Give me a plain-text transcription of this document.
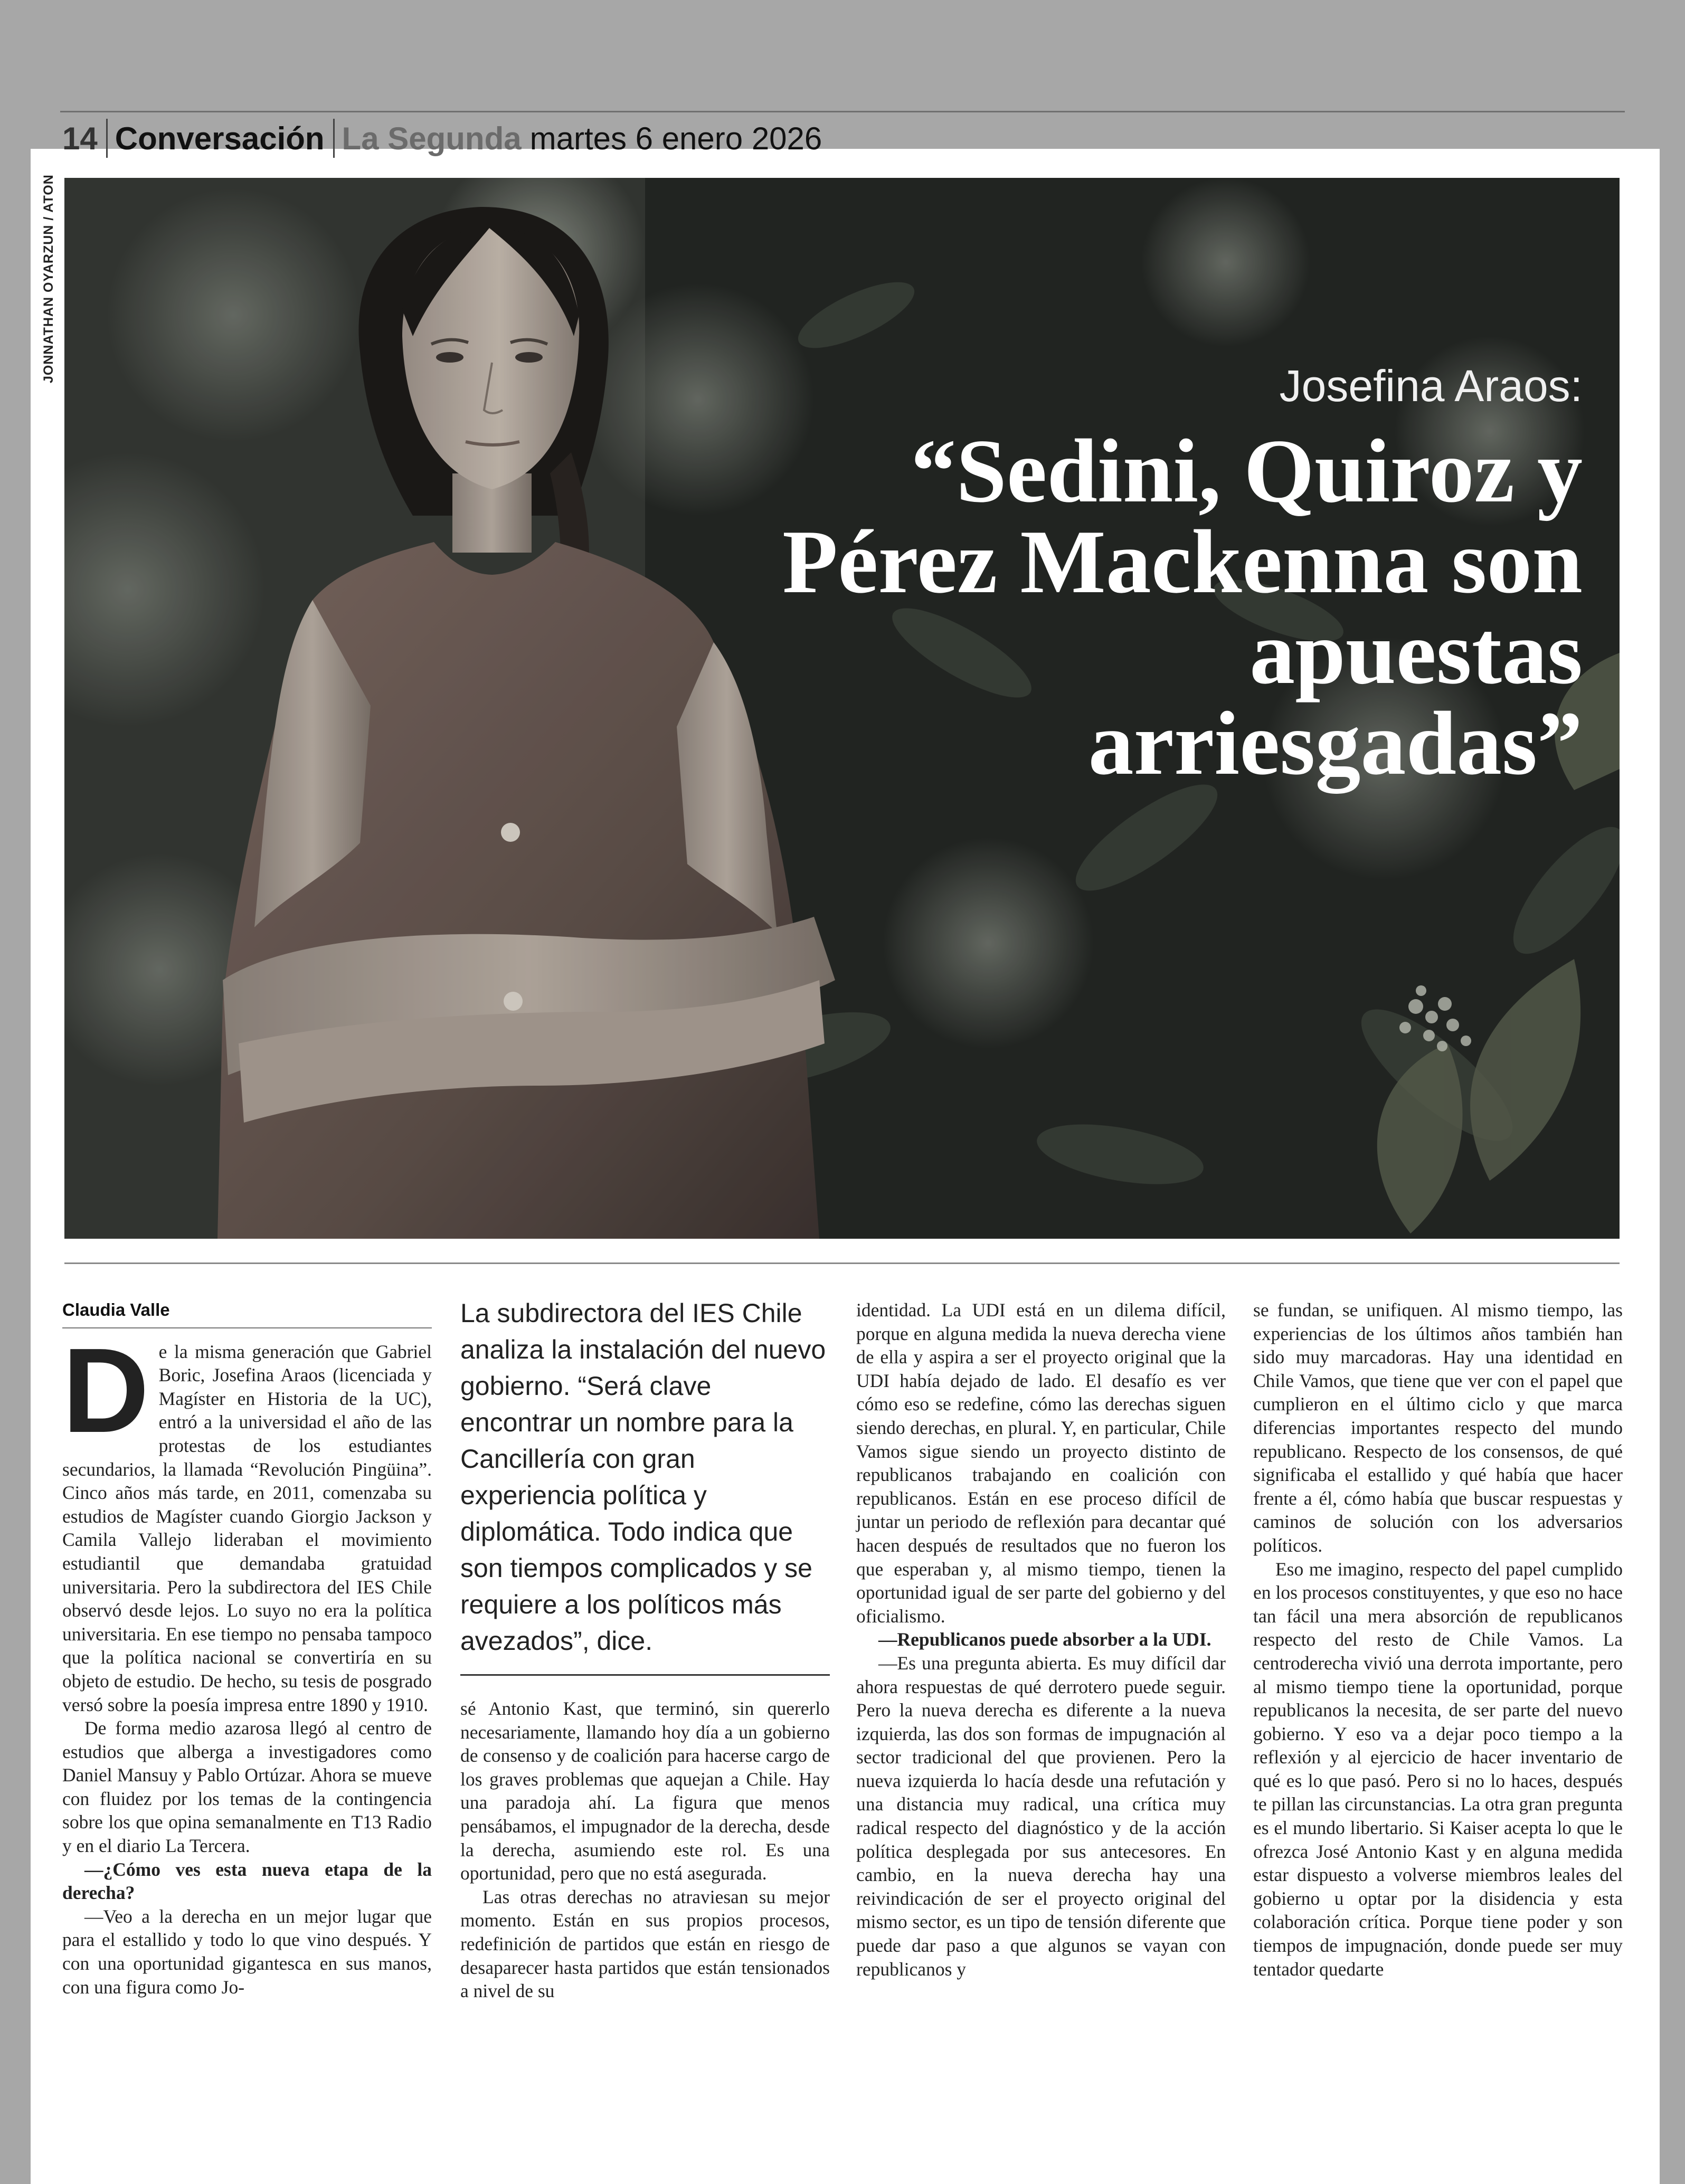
14 Conversación La Segunda martes 6 enero 2026
JONNATHAN OYARZUN / ATON
Josefina Araos:
“Sedini, Quiroz y Pérez Mackenna son apuestas arriesgadas”
Claudia Valle

De la misma generación que Gabriel Boric, Josefina Araos (licenciada y Magíster en Historia de la UC), entró a la universidad el año de las protestas de los estudiantes secundarios, la llamada “Revolución Pingüina”. Cinco años más tarde, en 2011, comenzaba su estudios de Magíster cuando Giorgio Jackson y Camila Vallejo lideraban el movimiento estudiantil que demandaba gratuidad universitaria. Pero la subdirectora del IES Chile observó desde lejos. Lo suyo no era la política universitaria. En ese tiempo no pensaba tampoco que la política nacional se convertiría en su objeto de estudio. De hecho, su tesis de posgrado versó sobre la poesía impresa entre 1890 y 1910.

De forma medio azarosa llegó al centro de estudios que alberga a investigadores como Daniel Mansuy y Pablo Ortúzar. Ahora se mueve con fluidez por los temas de la contingencia sobre los que opina semanalmente en T13 Radio y en el diario La Tercera.

—¿Cómo ves esta nueva etapa de la derecha?

—Veo a la derecha en un mejor lugar que para el estallido y todo lo que vino después. Y con una oportunidad gigantesca en sus manos, con una figura como Jo-

La subdirectora del IES Chile analiza la instalación del nuevo gobierno. “Será clave encontrar un nombre para la Cancillería con gran experiencia política y diplomática. Todo indica que son tiempos complicados y se requiere a los políticos más avezados”, dice.

sé Antonio Kast, que terminó, sin quererlo necesariamente, llamando hoy día a un gobierno de consenso y de coalición para hacerse cargo de los graves problemas que aquejan a Chile. Hay una paradoja ahí. La figura que menos pensábamos, el impugnador de la derecha, desde la derecha, asumiendo este rol. Es una oportunidad, pero que no está asegurada.

Las otras derechas no atraviesan su mejor momento. Están en sus propios procesos, redefinición de partidos que están en riesgo de desaparecer hasta partidos que están tensionados a nivel de su

identidad. La UDI está en un dilema difícil, porque en alguna medida la nueva derecha viene de ella y aspira a ser el proyecto original que la UDI había dejado de lado. El desafío es ver cómo eso se redefine, cómo las derechas siguen siendo derechas, en plural. Y, en particular, Chile Vamos sigue siendo un proyecto distinto de republicanos trabajando en coalición con republicanos. Están en ese proceso difícil de juntar un periodo de reflexión para decantar qué hacen después de resultados que no fueron los que esperaban y, al mismo tiempo, tienen la oportunidad igual de ser parte del gobierno y del oficialismo.

—Republicanos puede absorber a la UDI.

—Es una pregunta abierta. Es muy difícil dar ahora respuestas de qué derrotero puede seguir. Pero la nueva derecha es diferente a la nueva izquierda, las dos son formas de impugnación al sector tradicional del que provienen. Pero la nueva izquierda lo hacía desde una refutación y una distancia muy radical, una crítica muy radical respecto del diagnóstico y de la acción política desplegada por sus antecesores. En cambio, en la nueva derecha hay una reivindicación de ser el proyecto original del mismo sector, es un tipo de tensión diferente que puede dar paso a que algunos se vayan con republicanos y

se fundan, se unifiquen. Al mismo tiempo, las experiencias de los últimos años también han sido muy marcadoras. Hay una identidad en Chile Vamos, que tiene que ver con el papel que cumplieron en el último ciclo y que marca diferencias importantes respecto del mundo republicano. Respecto de los consensos, de qué significaba el estallido y qué había que hacer frente a él, cómo había que buscar respuestas y caminos de solución con los adversarios políticos.

Eso me imagino, respecto del papel cumplido en los procesos constituyentes, y que eso no hace tan fácil una mera absorción de republicanos respecto del resto de Chile Vamos. La centroderecha vivió una derrota importante, pero al mismo tiempo tiene la oportunidad, porque republicanos la necesita, de ser parte del nuevo gobierno. Y eso va a dejar poco tiempo a la reflexión y al ejercicio de hacer inventario de qué es lo que pasó. Pero si no lo haces, después te pillan las circunstancias. La otra gran pregunta es el mundo libertario. Si Kaiser acepta lo que le ofrezca José Antonio Kast y en alguna medida estar dispuesto a volverse miembros leales del gobierno u optar por la disidencia y esta colaboración crítica. Porque tiene poder y son tiempos de impugnación, donde puede ser muy tentador quedarte
